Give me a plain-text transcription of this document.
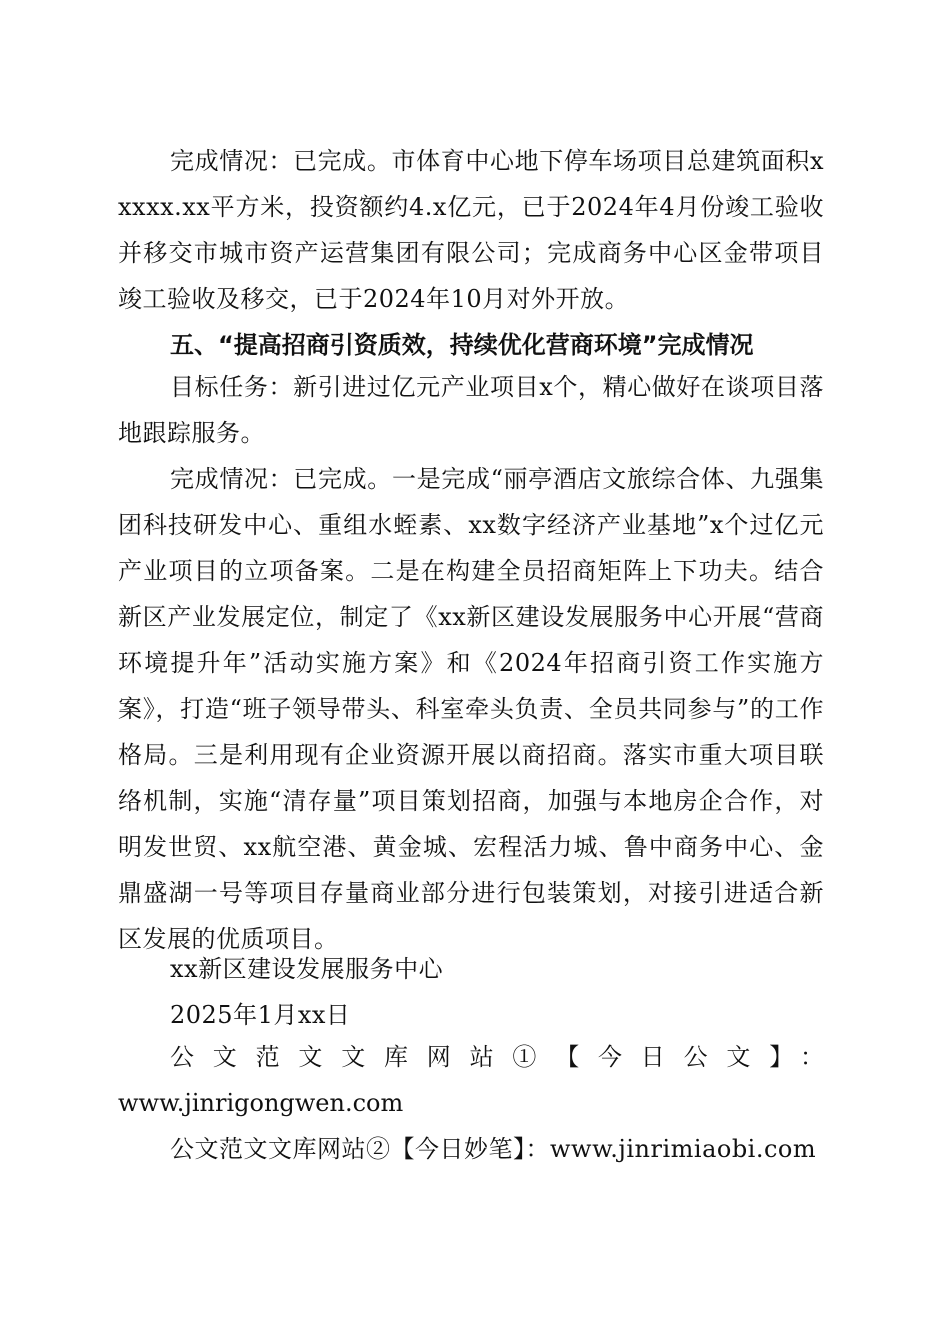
完成情况：已完成。市体育中心地下停车场项目总建筑面积xxxxx.xx平方米，投资额约4.x亿元，已于2024年4月份竣工验收并移交市城市资产运营集团有限公司；完成商务中心区金带项目竣工验收及移交，已于2024年10月对外开放。

五、“提高招商引资质效，持续优化营商环境”完成情况

目标任务：新引进过亿元产业项目x个，精心做好在谈项目落地跟踪服务。

完成情况：已完成。一是完成“丽亭酒店文旅综合体、九强集团科技研发中心、重组水蛭素、xx数字经济产业基地”x个过亿元产业项目的立项备案。二是在构建全员招商矩阵上下功夫。结合新区产业发展定位，制定了《xx新区建设发展服务中心开展“营商环境提升年”活动实施方案》和《2024年招商引资工作实施方案》，打造“班子领导带头、科室牵头负责、全员共同参与”的工作格局。三是利用现有企业资源开展以商招商。落实市重大项目联络机制，实施“清存量”项目策划招商，加强与本地房企合作，对明发世贸、xx航空港、黄金城、宏程活力城、鲁中商务中心、金鼎盛湖一号等项目存量商业部分进行包装策划，对接引进适合新区发展的优质项目。

xx新区建设发展服务中心

2025年1月xx日

公文范文文库网站①【今日公文】：

www.jinrigongwen.com

公文范文文库网站②【今日妙笔】：www.jinrimiaobi.com
